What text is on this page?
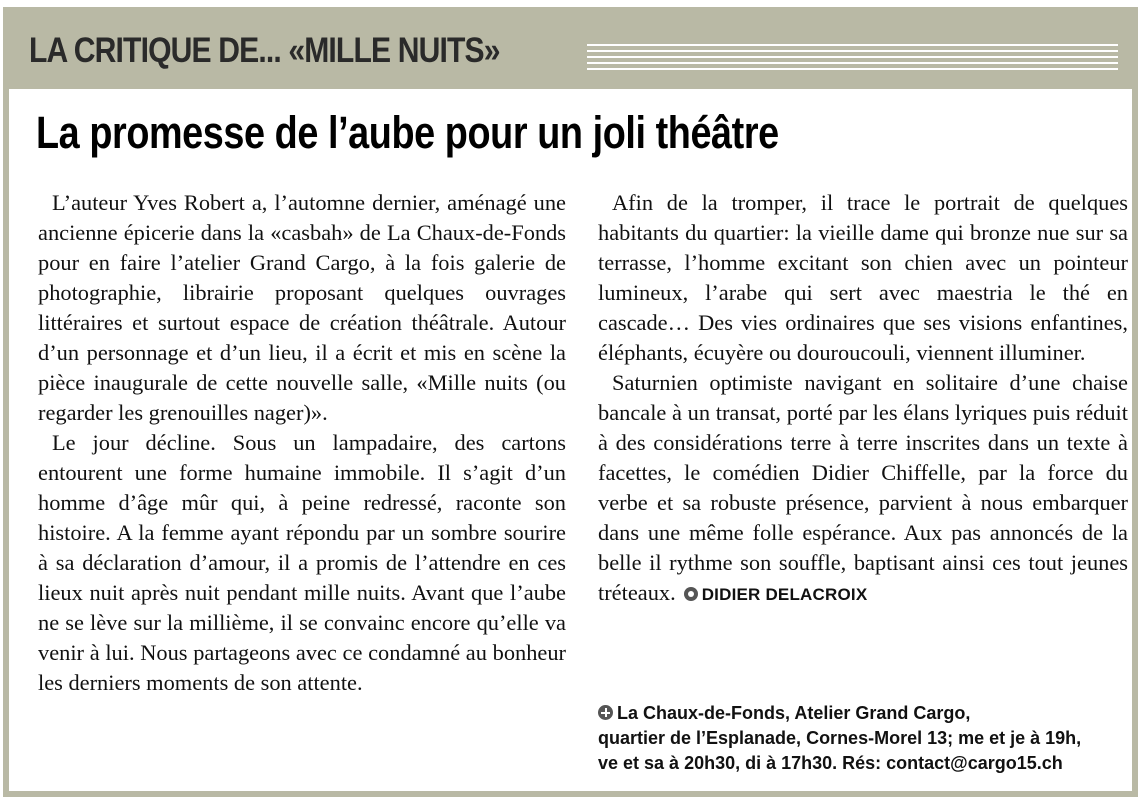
LA CRITIQUE DE... «MILLE NUITS»
La promesse de l’aube pour un joli théâtre

L’auteur Yves Robert a, l’automne dernier, aménagé une ancienne épicerie dans la «casbah» de La Chaux-de-Fonds pour en faire l’atelier Grand Cargo, à la fois galerie de photographie, librairie proposant quelques ouvrages littéraires et surtout espace de création théâtrale. Autour d’un personnage et d’un lieu, il a écrit et mis en scène la pièce inaugurale de cette nouvelle salle, «Mille nuits (ou regarder les grenouilles nager)».

Le jour décline. Sous un lampadaire, des cartons entourent une forme humaine immobile. Il s’agit d’un homme d’âge mûr qui, à peine redressé, raconte son histoire. A la femme ayant répondu par un sombre sourire à sa déclaration d’amour, il a promis de l’attendre en ces lieux nuit après nuit pendant mille nuits. Avant que l’aube ne se lève sur la millième, il se convainc encore qu’elle va venir à lui. Nous partageons avec ce condamné au bonheur les derniers moments de son attente.

Afin de la tromper, il trace le portrait de quelques habitants du quartier: la vieille dame qui bronze nue sur sa terrasse, l’homme excitant son chien avec un pointeur lumineux, l’arabe qui sert avec maestria le thé en cascade… Des vies ordinaires que ses visions enfantines, éléphants, écuyère ou douroucouli, viennent illuminer.

Saturnien optimiste navigant en solitaire d’une chaise bancale à un transat, porté par les élans lyriques puis réduit à des considérations terre à terre inscrites dans un texte à facettes, le comédien Didier Chiffelle, par la force du verbe et sa robuste présence, parvient à nous embarquer dans une même folle espérance. Aux pas annoncés de la belle il rythme son souffle, baptisant ainsi ces tout jeunes tréteaux. DIDIER DELACROIX

La Chaux-de-Fonds, Atelier Grand Cargo,
quartier de l’Esplanade, Cornes-Morel 13; me et je à 19h,
ve et sa à 20h30, di à 17h30. Rés: contact@cargo15.ch
